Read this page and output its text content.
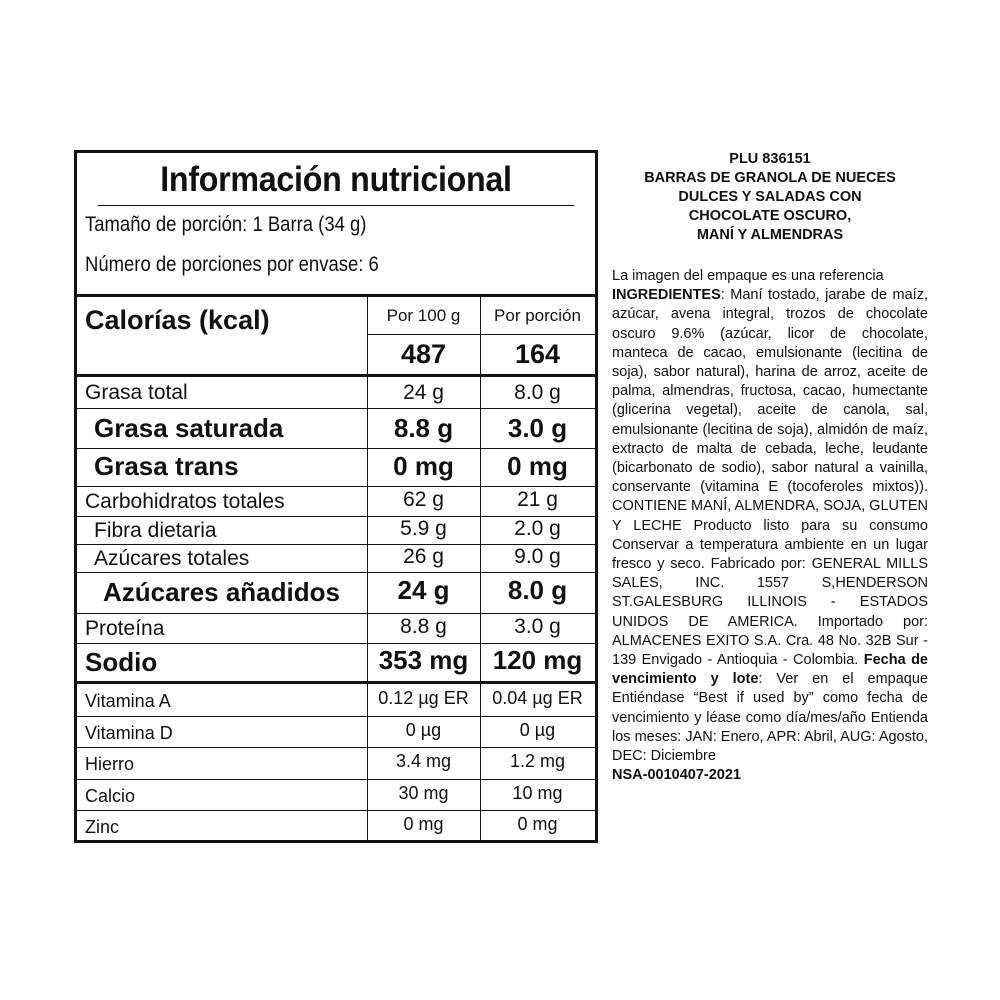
Información nutricional
Tamaño de porción: 1 Barra (34 g)
Número de porciones por envase: 6
Calorías (kcal)	Por 100 g	Por porción
487	164
Grasa total	24 g	8.0 g
Grasa saturada	8.8 g	3.0 g
Grasa trans	0 mg	0 mg
Carbohidratos totales	62 g	21 g
Fibra dietaria	5.9 g	2.0 g
Azúcares totales	26 g	9.0 g
Azúcares añadidos	24 g	8.0 g
Proteína	8.8 g	3.0 g
Sodio	353 mg 120 mg
Vitamina A	0.12 µg ER	0.04 µg ER
Vitamina D	0 µg	0 µg
Hierro	3.4 mg	1.2 mg
Calcio	30 mg	10 mg
Zinc	0 mg	0 mg
PLU 836151
BARRAS DE GRANOLA DE NUECES
DULCES Y SALADAS CON
CHOCOLATE OSCURO,
MANÍ Y ALMENDRAS
La imagen del empaque es una referencia
INGREDIENTES: Maní tostado, jarabe de maíz, azúcar, avena integral, trozos de chocolate oscuro 9.6% (azúcar, licor de chocolate, manteca de cacao, emulsionante (lecitina de soja), sabor natural), harina de arroz, aceite de palma, almendras, fructosa, cacao, humectante (glicerina vegetal), aceite de canola, sal, emulsionante (lecitina de soja), almidón de maíz, extracto de malta de cebada, leche, leudante (bicarbonato de sodio), sabor natural a vainilla, conservante (vitamina E (tocoferoles mixtos)). CONTIENE MANÍ, ALMENDRA, SOJA, GLUTEN Y LECHE Producto listo para su consumo Conservar a temperatura ambiente en un lugar fresco y seco. Fabricado por: GENERAL MILLS SALES, INC. 1557 S,HENDERSON ST.GALESBURG ILLINOIS - ESTADOS UNIDOS DE AMERICA. Importado por: ALMACENES EXITO S.A. Cra. 48 No. 32B Sur - 139 Envigado - Antioquia - Colombia. Fecha de vencimiento y lote: Ver en el empaque Entiéndase “Best if used by” como fecha de vencimiento y léase como día/mes/año Entienda los meses: JAN: Enero, APR: Abril, AUG: Agosto, DEC: Diciembre
NSA-0010407-2021
